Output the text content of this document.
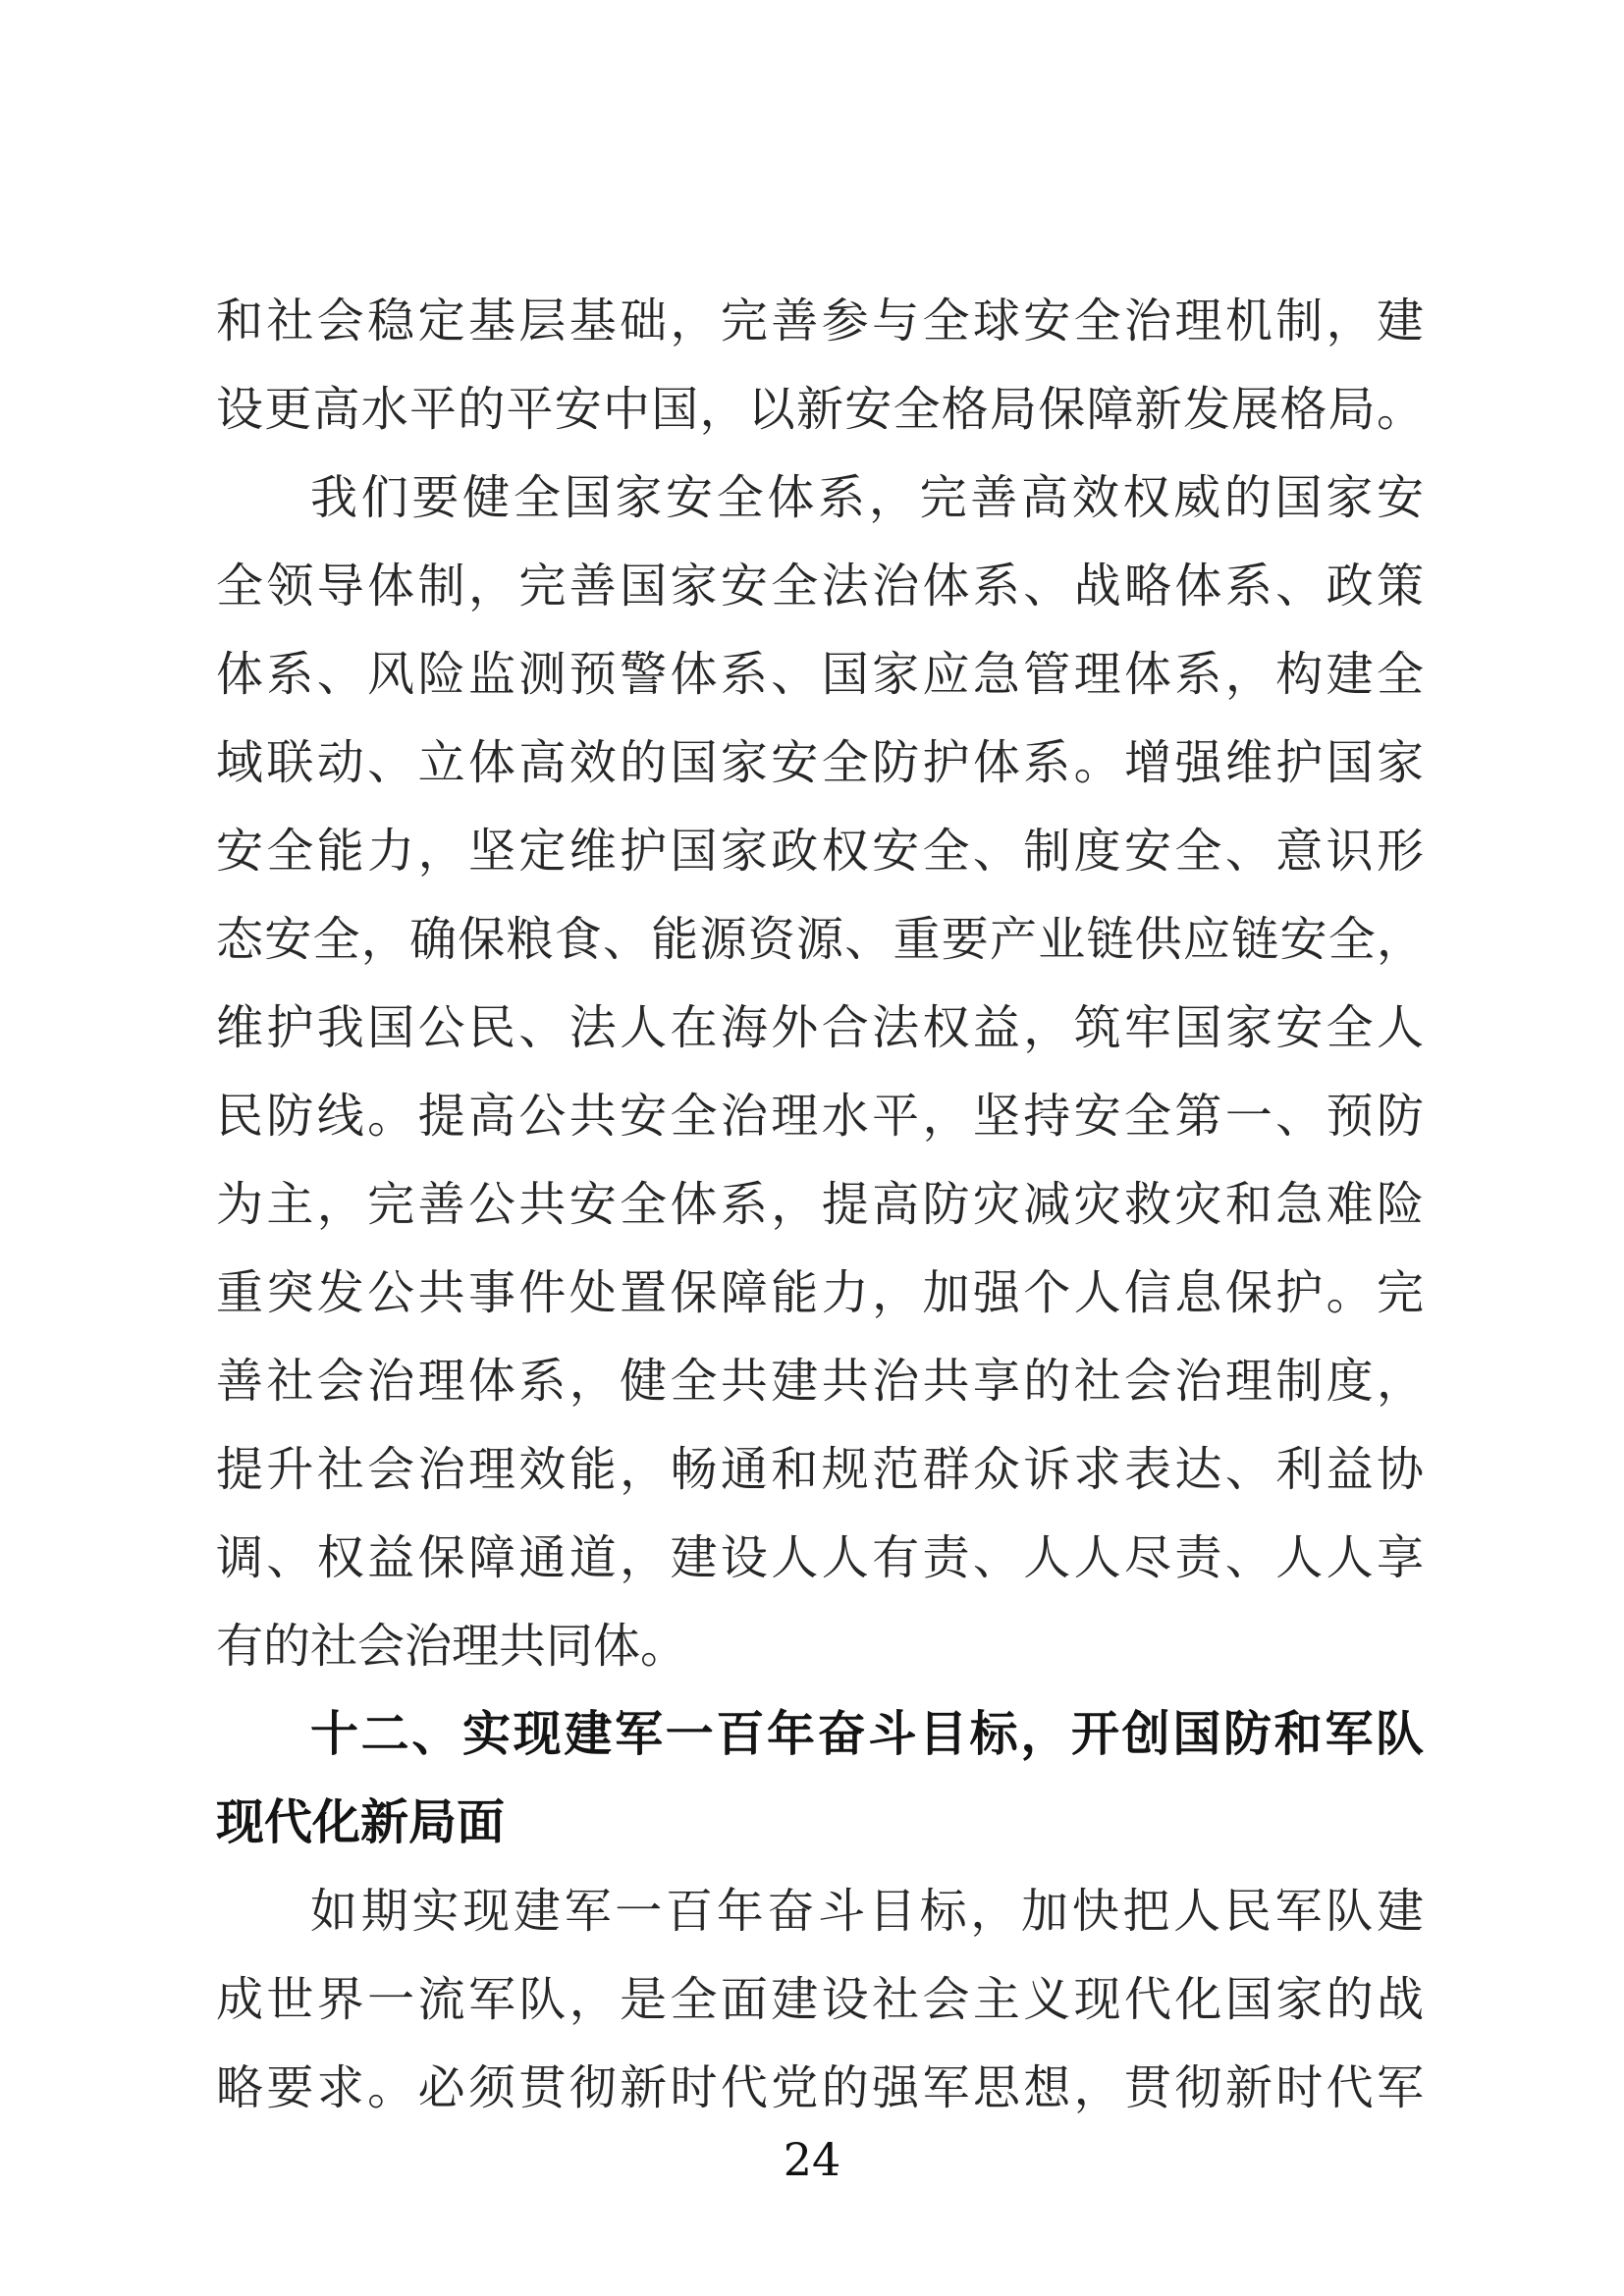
和社会稳定基层基础，完善参与全球安全治理机制，建
设更高水平的平安中国，以新安全格局保障新发展格局。

我们要健全国家安全体系，完善高效权威的国家安
全领导体制，完善国家安全法治体系、战略体系、政策
体系、风险监测预警体系、国家应急管理体系，构建全
域联动、立体高效的国家安全防护体系。增强维护国家
安全能力，坚定维护国家政权安全、制度安全、意识形
态安全，确保粮食、能源资源、重要产业链供应链安全，
维护我国公民、法人在海外合法权益，筑牢国家安全人
民防线。提高公共安全治理水平，坚持安全第一、预防
为主，完善公共安全体系，提高防灾减灾救灾和急难险
重突发公共事件处置保障能力，加强个人信息保护。完
善社会治理体系，健全共建共治共享的社会治理制度，
提升社会治理效能，畅通和规范群众诉求表达、利益协
调、权益保障通道，建设人人有责、人人尽责、人人享
有的社会治理共同体。

十二、实现建军一百年奋斗目标，开创国防和军队
现代化新局面

如期实现建军一百年奋斗目标，加快把人民军队建
成世界一流军队，是全面建设社会主义现代化国家的战
略要求。必须贯彻新时代党的强军思想，贯彻新时代军

24
